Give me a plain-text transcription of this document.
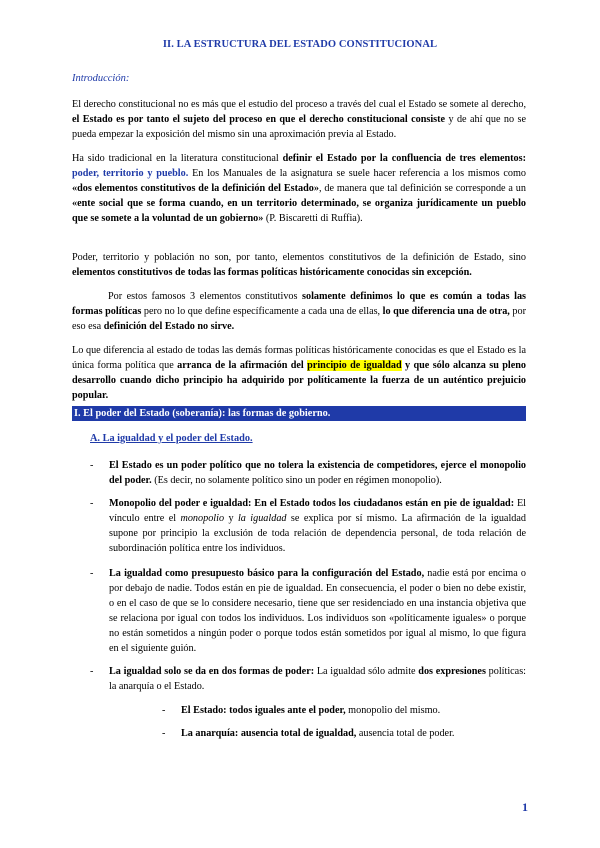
II. LA ESTRUCTURA DEL ESTADO CONSTITUCIONAL
Introducción:
El derecho constitucional no es más que el estudio del proceso a través del cual el Estado se somete al derecho, el Estado es por tanto el sujeto del proceso en que el derecho constitucional consiste y de ahí que no se pueda empezar la exposición del mismo sin una aproximación previa al Estado.
Ha sido tradicional en la literatura constitucional definir el Estado por la confluencia de tres elementos: poder, territorio y pueblo. En los Manuales de la asignatura se suele hacer referencia a los mismos como «dos elementos constitutivos de la definición del Estado», de manera que tal definición se corresponde a un «ente social que se forma cuando, en un territorio determinado, se organiza jurídicamente un pueblo que se somete a la voluntad de un gobierno» (P. Biscaretti di Ruffia).
Poder, territorio y población no son, por tanto, elementos constitutivos de la definición de Estado, sino elementos constitutivos de todas las formas políticas históricamente conocidas sin excepción.
Por estos famosos 3 elementos constitutivos solamente definimos lo que es común a todas las formas políticas pero no lo que define específicamente a cada una de ellas, lo que diferencia una de otra, por eso esa definición del Estado no sirve.
Lo que diferencia al estado de todas las demás formas políticas históricamente conocidas es que el Estado es la única forma política que arranca de la afirmación del principio de igualdad y que sólo alcanza su pleno desarrollo cuando dicho principio ha adquirido por políticamente la fuerza de un auténtico prejuicio popular.
I. El poder del Estado (soberanía): las formas de gobierno.
A. La igualdad y el poder del Estado.
- El Estado es un poder político que no tolera la existencia de competidores, ejerce el monopolio del poder. (Es decir, no solamente político sino un poder en régimen monopolio).

- Monopolio del poder e igualdad: En el Estado todos los ciudadanos están en pie de igualdad: El vínculo entre el monopolio y la igualdad se explica por sí mismo. La afirmación de la igualdad supone por principio la exclusión de toda relación de dependencia personal, de toda relación de subordinación política entre los individuos.

- La igualdad como presupuesto básico para la configuración del Estado, nadie está por encima o por debajo de nadie. Todos están en pie de igualdad. En consecuencia, el poder o bien no debe existir, o en el caso de que se lo considere necesario, tiene que ser residenciado en una instancia objetiva que se relaciona por igual con todos los individuos. Los individuos son «políticamente iguales» o porque no están sometidos a ningún poder o porque todos están sometidos por igual al mismo, lo que figura en el siguiente guión.

- La igualdad solo se da en dos formas de poder: La igualdad sólo admite dos expresiones políticas: la anarquía o el Estado.

- El Estado: todos iguales ante el poder, monopolio del mismo.

- La anarquía: ausencia total de igualdad, ausencia total de poder.

1
